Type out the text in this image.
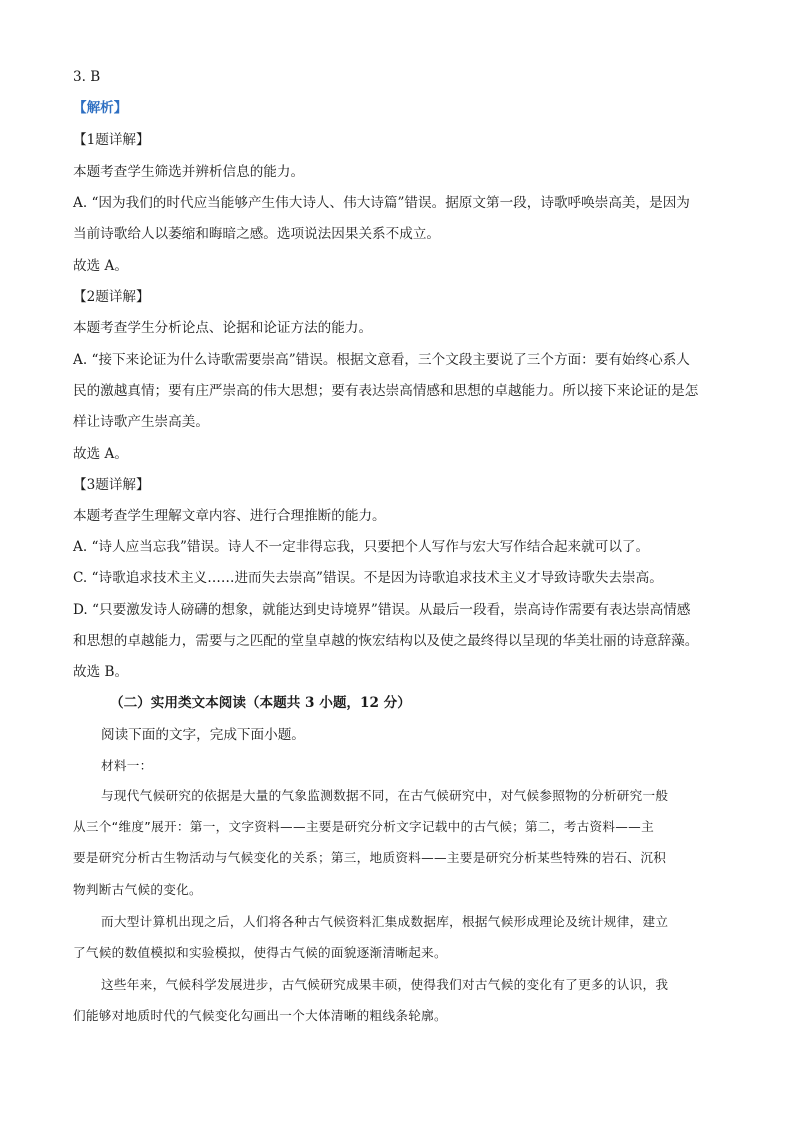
3. B
【解析】
【1题详解】
本题考查学生筛选并辨析信息的能力。
A. “因为我们的时代应当能够产生伟大诗人、伟大诗篇”错误。据原文第一段，诗歌呼唤崇高美，是因为
当前诗歌给人以萎缩和晦暗之感。选项说法因果关系不成立。
故选 A。
【2题详解】
本题考查学生分析论点、论据和论证方法的能力。
A. “接下来论证为什么诗歌需要崇高”错误。根据文意看，三个文段主要说了三个方面：要有始终心系人
民的激越真情；要有庄严崇高的伟大思想；要有表达崇高情感和思想的卓越能力。所以接下来论证的是怎
样让诗歌产生崇高美。
故选 A。
【3题详解】
本题考查学生理解文章内容、进行合理推断的能力。
A. “诗人应当忘我”错误。诗人不一定非得忘我，只要把个人写作与宏大写作结合起来就可以了。
C. “诗歌追求技术主义……进而失去崇高”错误。不是因为诗歌追求技术主义才导致诗歌失去崇高。
D. “只要激发诗人磅礴的想象，就能达到史诗境界”错误。从最后一段看，崇高诗作需要有表达崇高情感
和思想的卓越能力，需要与之匹配的堂皇卓越的恢宏结构以及使之最终得以呈现的华美壮丽的诗意辞藻。
故选 B。
（二）实用类文本阅读（本题共 3 小题，12 分）
阅读下面的文字，完成下面小题。
材料一：
与现代气候研究的依据是大量的气象监测数据不同，在古气候研究中，对气候参照物的分析研究一般
从三个“维度”展开：第一，文字资料——主要是研究分析文字记载中的古气候；第二，考古资料——主
要是研究分析古生物活动与气候变化的关系；第三，地质资料——主要是研究分析某些特殊的岩石、沉积
物判断古气候的变化。
而大型计算机出现之后，人们将各种古气候资料汇集成数据库，根据气候形成理论及统计规律，建立
了气候的数值模拟和实验模拟，使得古气候的面貌逐渐清晰起来。
这些年来，气候科学发展进步，古气候研究成果丰硕，使得我们对古气候的变化有了更多的认识，我
们能够对地质时代的气候变化勾画出一个大体清晰的粗线条轮廓。
